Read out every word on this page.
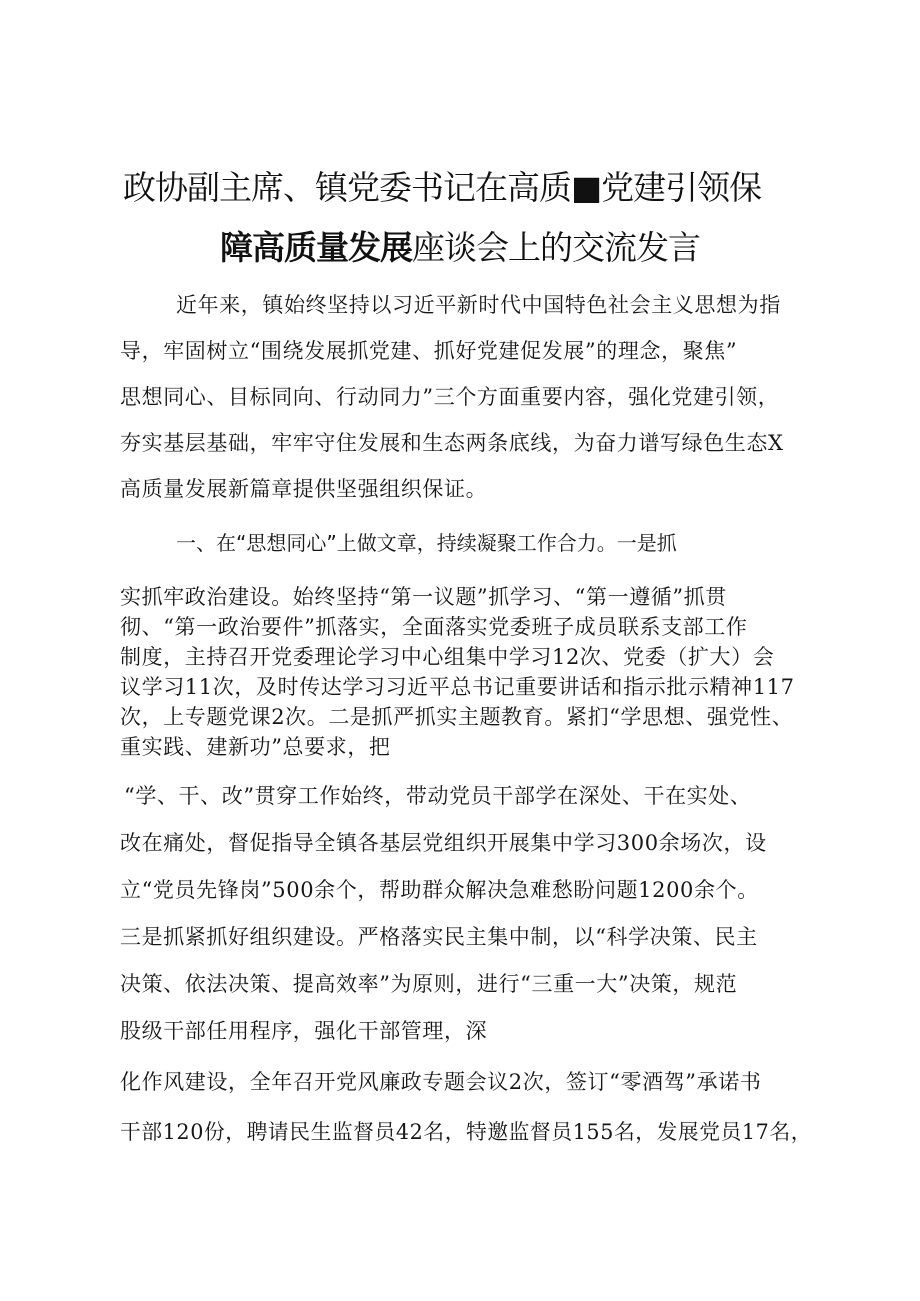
政协副主席、镇党委书记在高质■党建引领保
障高质量发展座谈会上的交流发言
近年来，镇始终坚持以习近平新时代中国特色社会主义思想为指
导，牢固树立“围绕发展抓党建、抓好党建促发展”的理念，聚焦”
思想同心、目标同向、行动同力”三个方面重要内容，强化党建引领，
夯实基层基础，牢牢守住发展和生态两条底线，为奋力谱写绿色生态X
高质量发展新篇章提供坚强组织保证。
一、在“思想同心”上做文章，持续凝聚工作合力。一是抓
实抓牢政治建设。始终坚持“第一议题”抓学习、“第一遵循”抓贯
彻、“第一政治要件”抓落实，全面落实党委班子成员联系支部工作
制度，主持召开党委理论学习中心组集中学习12次、党委（扩大）会
议学习11次，及时传达学习习近平总书记重要讲话和指示批示精神117
次，上专题党课2次。二是抓严抓实主题教育。紧扪“学思想、强党性、
重实践、建新功”总要求，把
“学、干、改”贯穿工作始终，带动党员干部学在深处、干在实处、
改在痛处，督促指导全镇各基层党组织开展集中学习300余场次，设
立“党员先锋岗”500余个，帮助群众解决急难愁盼问题1200余个。
三是抓紧抓好组织建设。严格落实民主集中制，以“科学决策、民主
决策、依法决策、提高效率”为原则，进行“三重一大”决策，规范
股级干部任用程序，强化干部管理，深
化作风建设，全年召开党风廉政专题会议2次，签订“零酒驾”承诺书
干部120份，聘请民生监督员42名，特邀监督员155名，发展党员17名，
